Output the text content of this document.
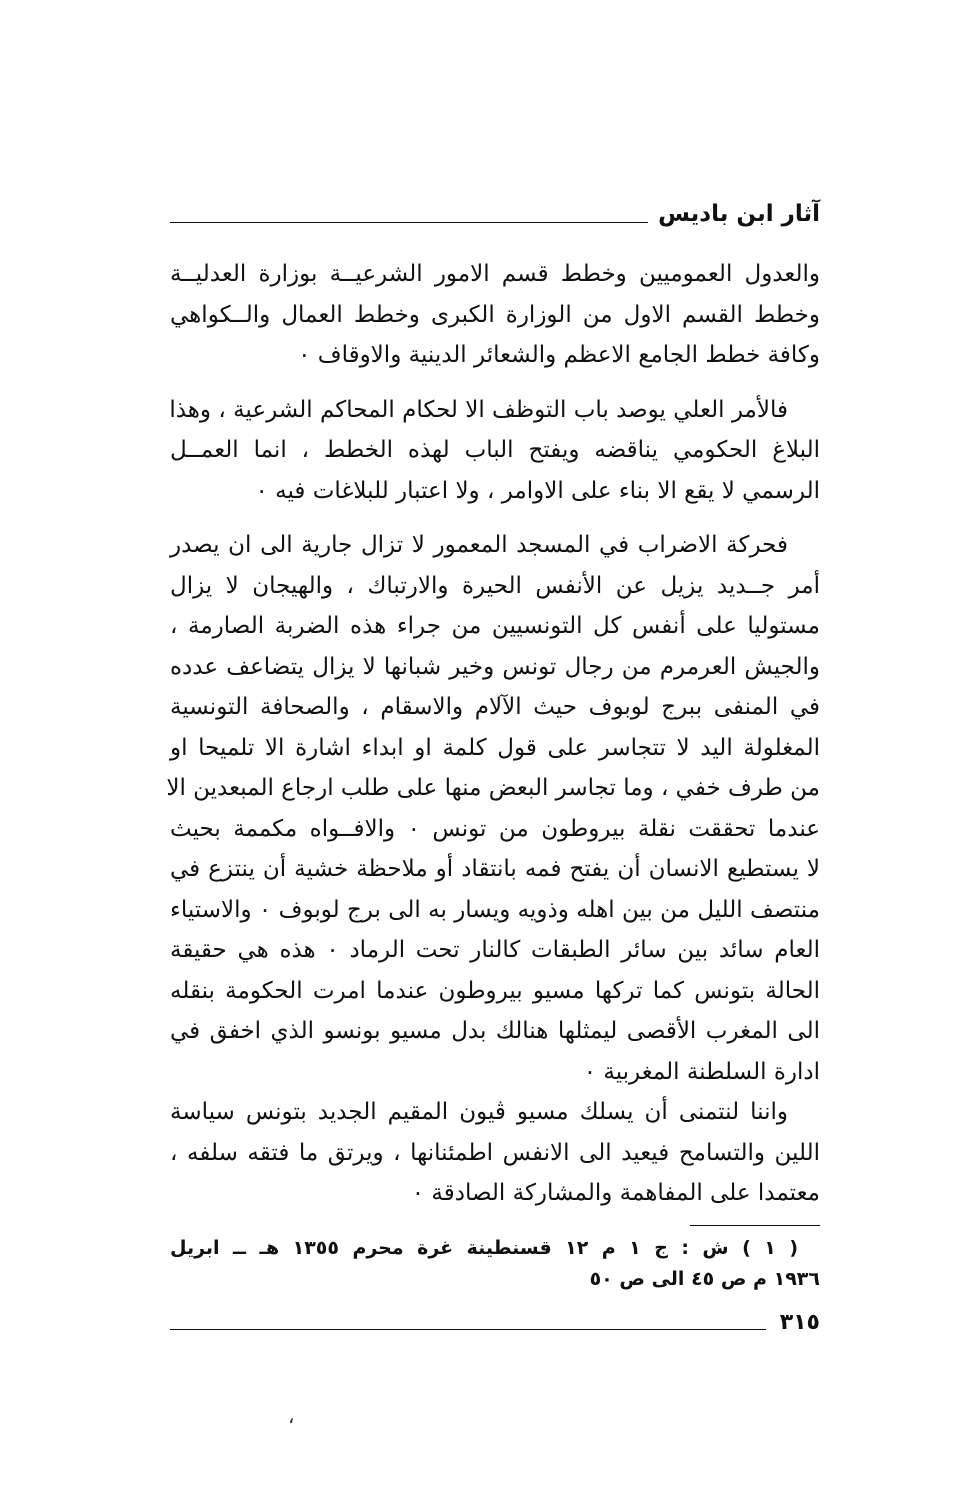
آثار ابن باديس

والعدول العموميين وخطط قسم الامور الشرعيــة بوزارة العدليــة
وخطط القسم الاول من الوزارة الكبرى وخطط العمال والــكواهي
وكافة خطط الجامع الاعظم والشعائر الدينية والاوقاف ٠

فالأمر العلي يوصد باب التوظف الا لحكام المحاكم الشرعية ، وهذا
البلاغ الحكومي يناقضه ويفتح الباب لهذه الخطط ، انما العمــل
الرسمي لا يقع الا بناء على الاوامر ، ولا اعتبار للبلاغات فيه ٠

فحركة الاضراب في المسجد المعمور لا تزال جارية الى ان يصدر
أمر جــديد يزيل عن الأنفس الحيرة والارتباك ، والهيجان لا يزال
مستوليا على أنفس كل التونسيين من جراء هذه الضربة الصارمة ،
والجيش العرمرم من رجال تونس وخير شبانها لا يزال يتضاعف عدده
في المنفى ببرج لوبوف حيث الآلام والاسقام ، والصحافة التونسية
المغلولة اليد لا تتجاسر على قول كلمة او ابداء اشارة الا تلميحا او
من طرف خفي ، وما تجاسر البعض منها على طلب ارجاع المبعدين الا
عندما تحققت نقلة بيروطون من تونس ٠ والافــواه مكممة بحيث
لا يستطيع الانسان أن يفتح فمه بانتقاد أو ملاحظة خشية أن ينتزع في
منتصف الليل من بين اهله وذويه ويسار به الى برج لوبوف ٠ والاستياء
العام سائد بين سائر الطبقات كالنار تحت الرماد ٠ هذه هي حقيقة
الحالة بتونس كما تركها مسيو بيروطون عندما امرت الحكومة بنقله
الى المغرب الأقصى ليمثلها هنالك بدل مسيو بونسو الذي اخفق في
ادارة السلطنة المغربية ٠

واننا لنتمنى أن يسلك مسيو ڤيون المقيم الجديد بتونس سياسة
اللين والتسامح فيعيد الى الانفس اطمئنانها ، ويرتق ما فتقه سلفه ،
معتمدا على المفاهمة والمشاركة الصادقة ٠

( ١ ) ش : ج ١ م ١٢ قسنطينة غرة محرم ١٣٥٥ هـ ــ ابريل
١٩٣٦ م ص ٤٥ الى ص ٥٠
٣١٥
،
